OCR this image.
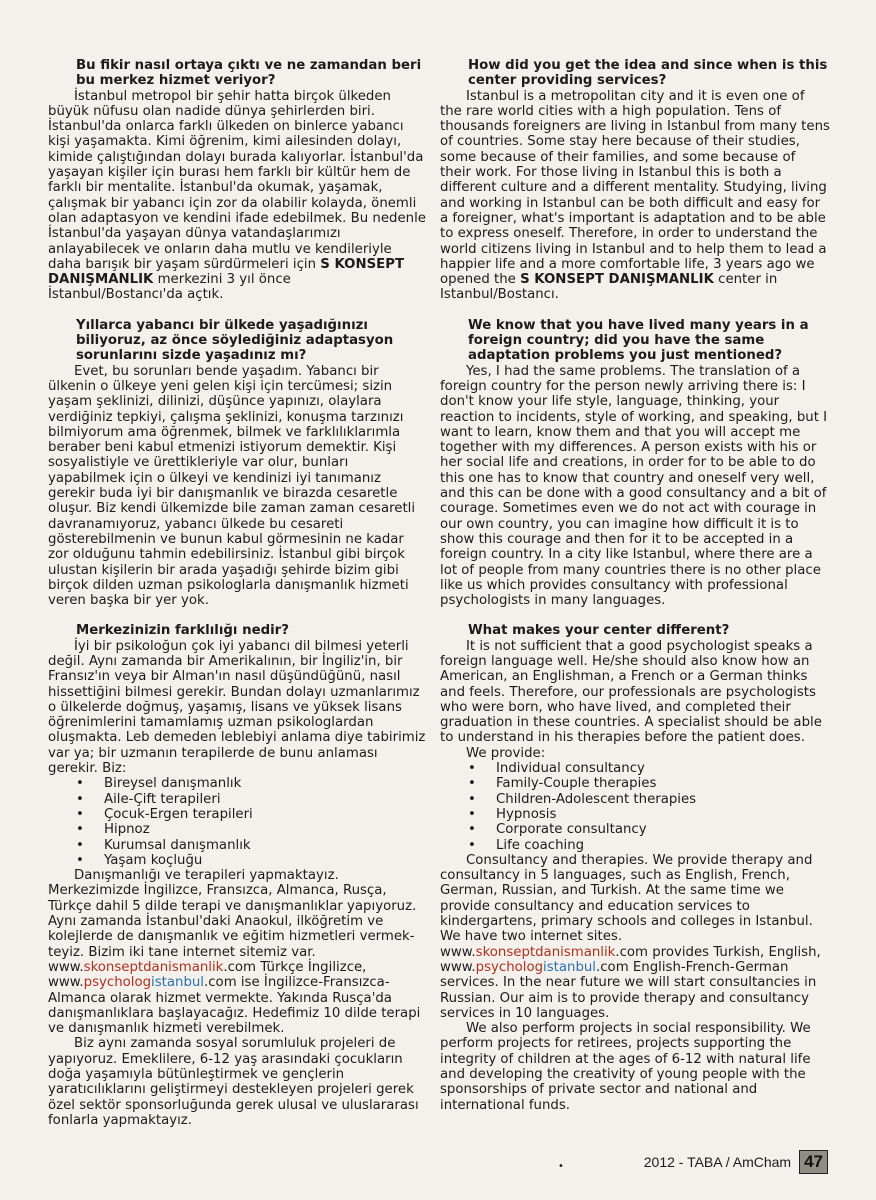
Bu fikir nasıl ortaya çıktı ve ne zamandan beri bu merkez hizmet veriyor?

İstanbul metropol bir şehir hatta birçok ülkeden büyük nüfusu olan nadide dünya şehirlerden biri. İstanbul'da onlarca farklı ülkeden on binlerce yabancı kişi yaşamakta. Kimi öğrenim, kimi ailesinden dolayı, kimide çalıştığından dolayı burada kalıyorlar. İstanbul'da yaşayan kişiler için burası hem farklı bir kültür hem de farklı bir mentalite. İstanbul'da okumak, yaşamak, çalışmak bir yabancı için zor da olabilir kolayda, önemli olan adaptasyon ve kendini ifade edebilmek. Bu nedenle İstanbul'da yaşayan dünya vatandaşlarımızı anlayabilecek ve onların daha mutlu ve kendileriyle daha barışık bir yaşam sürdürmeleri için S KONSEPT DANIŞMANLIK merkezini 3 yıl önce İstanbul/Bostancı'da açtık.

Yıllarca yabancı bir ülkede yaşadığınızı biliyoruz, az önce söylediğiniz adaptasyon sorunlarını sizde yaşadınız mı?

Evet, bu sorunları bende yaşadım. Yabancı bir ülkenin o ülkeye yeni gelen kişi için tercümesi; sizin yaşam şeklinizi, dilinizi, düşünce yapınızı, olaylara verdiğiniz tepkiyi, çalışma şeklinizi, konuşma tarzınızı bilmiyorum ama öğrenmek, bilmek ve farklılıklarımla beraber beni kabul etmenizi istiyorum demektir. Kişi sosyalistiyle ve ürettikleriyle var olur, bunları yapabilmek için o ülkeyi ve kendinizi iyi tanımanız gerekir buda iyi bir danışmanlık ve birazda cesaretle oluşur. Biz kendi ülkemizde bile zaman zaman cesaretli davranamıyoruz, yabancı ülkede bu cesareti gösterebilmenin ve bunun kabul görmesinin ne kadar zor olduğunu tahmin edebilirsiniz. İstanbul gibi birçok ulustan kişilerin bir arada yaşadığı şehirde bizim gibi birçok dilden uzman psikologlarla danışmanlık hizmeti veren başka bir yer yok.

Merkezinizin farklılığı nedir?

İyi bir psikoloğun çok iyi yabancı dil bilmesi yeterli değil. Aynı zamanda bir Amerikalının, bir İngiliz'in, bir Fransız'ın veya bir Alman'ın nasıl düşündüğünü, nasıl hissettiğini bilmesi gerekir. Bundan dolayı uzmanlarımız o ülkelerde doğmuş, yaşamış, lisans ve yüksek lisans öğrenimlerini tamamlamış uzman psikologlardan oluşmakta. Leb demeden leblebiyi anlama diye tabirimiz var ya; bir uzmanın terapilerde de bunu anlaması gerekir. Biz:

• Bireysel danışmanlık
• Aile-Çift terapileri
• Çocuk-Ergen terapileri
• Hipnoz
• Kurumsal danışmanlık
• Yaşam koçluğu

Danışmanlığı ve terapileri yapmaktayız. Merkezimizde İngilizce, Fransızca, Almanca, Rusça, Türkçe dahil 5 dilde terapi ve danışmanlıklar yapıyoruz. Aynı zamanda İstanbul'daki Anaokul, ilköğretim ve kolejlerde de danışmanlık ve eğitim hizmetleri vermekteyiz. Bizim iki tane internet sitemiz var.

www.skonseptdanismanlik.com Türkçe İngilizce,

www.psychologistanbul.com ise İngilizce-Fransızca-Almanca olarak hizmet vermekte. Yakında Rusça'da danışmanlıklara başlayacağız. Hedefimiz 10 dilde terapi ve danışmanlık hizmeti verebilmek.

Biz aynı zamanda sosyal sorumluluk projeleri de yapıyoruz. Emeklilere, 6-12 yaş arasındaki çocukların doğa yaşamıyla bütünleştirmek ve gençlerin yaratıcılıklarını geliştirmeyi destekleyen projeleri gerek özel sektör sponsorluğunda gerek ulusal ve uluslararası fonlarla yapmaktayız.

How did you get the idea and since when is this center providing services?

Istanbul is a metropolitan city and it is even one of the rare world cities with a high population. Tens of thousands foreigners are living in Istanbul from many tens of countries. Some stay here because of their studies, some because of their families, and some because of their work. For those living in Istanbul this is both a different culture and a different mentality. Studying, living and working in Istanbul can be both difficult and easy for a foreigner, what's important is adaptation and to be able to express oneself. Therefore, in order to understand the world citizens living in Istanbul and to help them to lead a happier life and a more comfortable life, 3 years ago we opened the S KONSEPT DANIŞMANLIK center in Istanbul/Bostancı.

We know that you have lived many years in a foreign country; did you have the same adaptation problems you just mentioned?

Yes, I had the same problems. The translation of a foreign country for the person newly arriving there is: I don't know your life style, language, thinking, your reaction to incidents, style of working, and speaking, but I want to learn, know them and that you will accept me together with my differences. A person exists with his or her social life and creations, in order for to be able to do this one has to know that country and oneself very well, and this can be done with a good consultancy and a bit of courage. Sometimes even we do not act with courage in our own country, you can imagine how difficult it is to show this courage and then for it to be accepted in a foreign country. In a city like Istanbul, where there are a lot of people from many countries there is no other place like us which provides consultancy with professional psychologists in many languages.

What makes your center different?

It is not sufficient that a good psychologist speaks a foreign language well. He/she should also know how an American, an Englishman, a French or a German thinks and feels. Therefore, our professionals are psychologists who were born, who have lived, and completed their graduation in these countries. A specialist should be able to understand in his therapies before the patient does.

We provide:

• Individual consultancy
• Family-Couple therapies
• Children-Adolescent therapies
• Hypnosis
• Corporate consultancy
• Life coaching

Consultancy and therapies. We provide therapy and consultancy in 5 languages, such as English, French, German, Russian, and Turkish. At the same time we provide consultancy and education services to kindergartens, primary schools and colleges in Istanbul. We have two internet sites.

www.skonseptdanismanlik.com provides Turkish, English,

www.psychologistanbul.com English-French-German services. In the near future we will start consultancies in Russian. Our aim is to provide therapy and consultancy services in 10 languages.

We also perform projects in social responsibility. We perform projects for retirees, projects supporting the integrity of children at the ages of 6-12 with natural life and developing the creativity of young people with the sponsorships of private sector and national and international funds.

•	2012 - TABA / AmCham 47
